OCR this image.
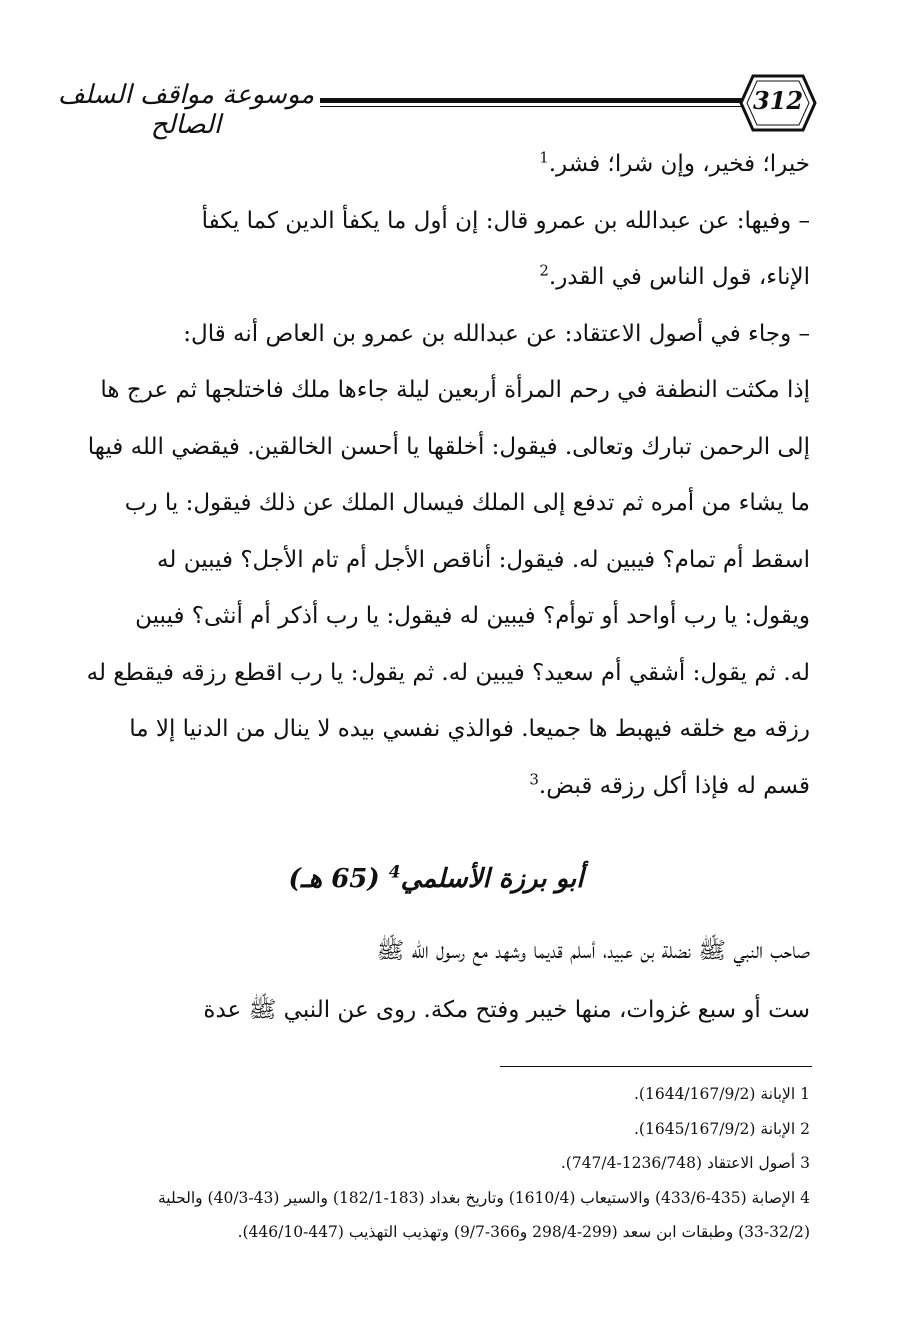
موسوعة مواقف السلف الصالح
312

خيرا؛ فخير، وإن شرا؛ فشر.$^1$

– وفيها: عن عبدالله بن عمرو قال: إن أول ما يكفأ الدين كما يكفأ

الإناء، قول الناس في القدر.$^2$

– وجاء في أصول الاعتقاد: عن عبدالله بن عمرو بن العاص أنه قال:

إذا مكثت النطفة في رحم المرأة أربعين ليلة جاءها ملك فاختلجها ثم عرج ها

إلى الرحمن تبارك وتعالى. فيقول: أخلقها يا أحسن الخالقين. فيقضي الله فيها

ما يشاء من أمره ثم تدفع إلى الملك فيسال الملك عن ذلك فيقول: يا رب

اسقط أم تمام؟ فيبين له. فيقول: أناقص الأجل أم تام الأجل؟ فيبين له

ويقول: يا رب أواحد أو توأم؟ فيبين له فيقول: يا رب أذكر أم أنثى؟ فيبين

له. ثم يقول: أشقي أم سعيد؟ فيبين له. ثم يقول: يا رب اقطع رزقه فيقطع له

رزقه مع خلقه فيهبط ها جميعا. فوالذي نفسي بيده لا ينال من الدنيا إلا ما

قسم له فإذا أكل رزقه قبض.$^3$

أبو برزة الأسلمي$^4$ (65 هـ)

صاحب النبي ﷺ نضلة بن عبيد، أسلم قديما وشهد مع رسول الله ﷺ

ست أو سبع غزوات، منها خيبر وفتح مكة. روى عن النبي ﷺ عدة

1 الإبانة (1644/167/9/2).

2 الإبانة (1645/167/9/2).

3 أصول الاعتقاد (1236/748-747/4).

4 الإصابة (435-433/6) والاستيعاب (1610/4) وتاريخ بغداد (183-182/1) والسير (43-40/3) والحلية

(33-32/2) وطبقات ابن سعد (299-298/4 و366-9/7) وتهذيب التهذيب (447-446/10).
